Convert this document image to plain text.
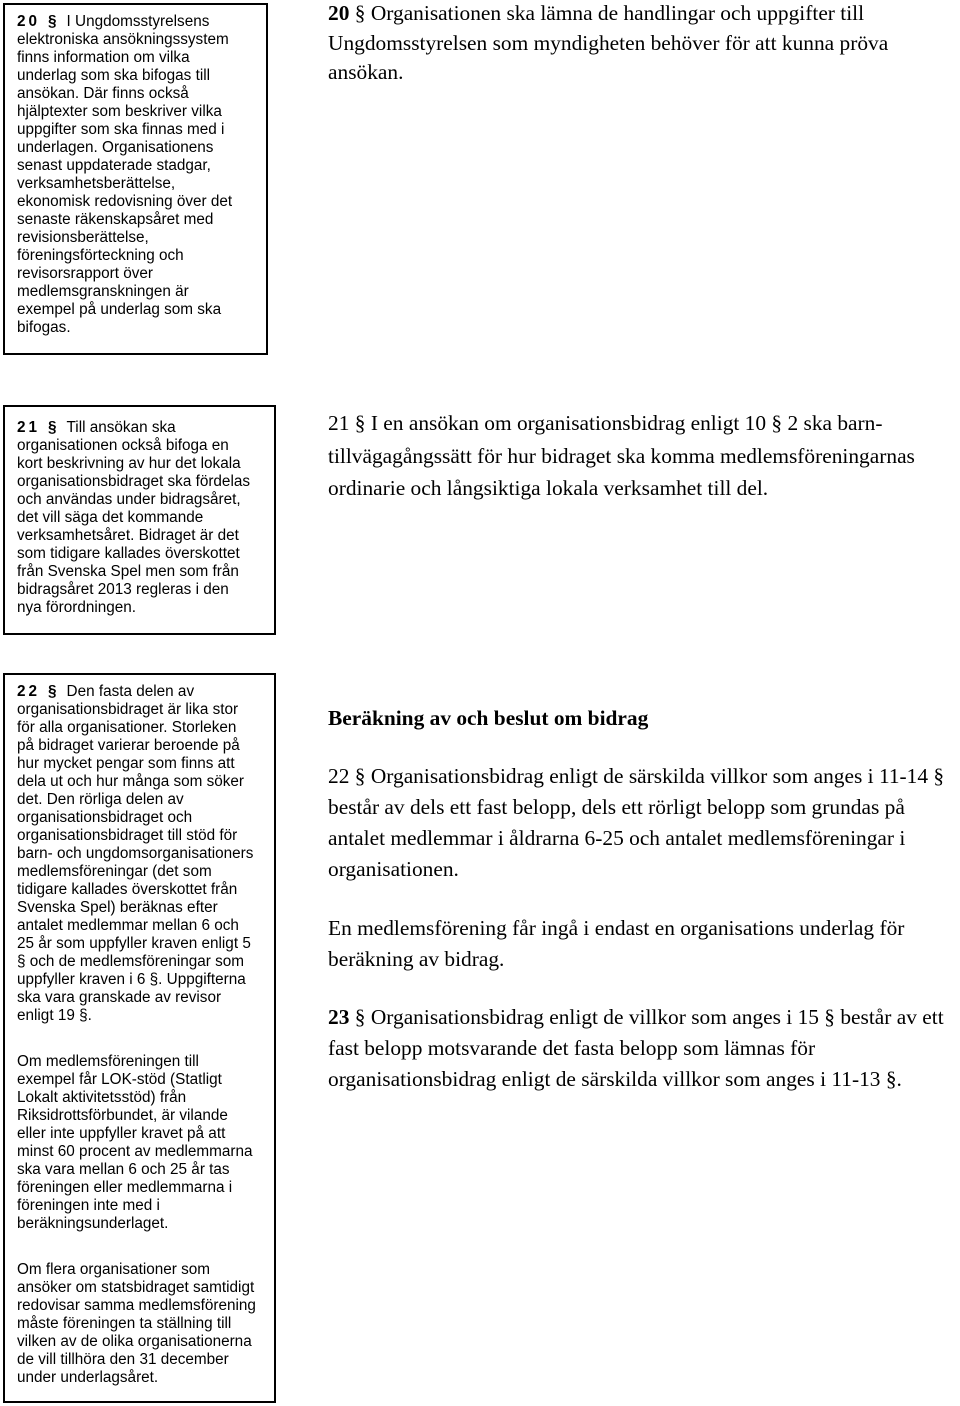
20 § I Ungdomsstyrelsens
elektroniska ansökningssystem
finns information om vilka
underlag som ska bifogas till
ansökan. Där finns också
hjälptexter som beskriver vilka
uppgifter som ska finnas med i
underlagen. Organisationens
senast uppdaterade stadgar,
verksamhetsberättelse,
ekonomisk redovisning över det
senaste räkenskapsåret med
revisionsberättelse,
föreningsförteckning och
revisorsrapport över
medlemsgranskningen är
exempel på underlag som ska
bifogas.
21 § Till ansökan ska
organisationen också bifoga en
kort beskrivning av hur det lokala
organisationsbidraget ska fördelas
och användas under bidragsåret,
det vill säga det kommande
verksamhetsåret. Bidraget är det
som tidigare kallades överskottet
från Svenska Spel men som från
bidragsåret 2013 regleras i den
nya förordningen.
22 § Den fasta delen av
organisationsbidraget är lika stor
för alla organisationer. Storleken
på bidraget varierar beroende på
hur mycket pengar som finns att
dela ut och hur många som söker
det. Den rörliga delen av
organisationsbidraget och
organisationsbidraget till stöd för
barn- och ungdomsorganisationers
medlemsföreningar (det som
tidigare kallades överskottet från
Svenska Spel) beräknas efter
antalet medlemmar mellan 6 och
25 år som uppfyller kraven enligt 5
§ och de medlemsföreningar som
uppfyller kraven i 6 §. Uppgifterna
ska vara granskade av revisor
enligt 19 §.
Om medlemsföreningen till
exempel får LOK-stöd (Statligt
Lokalt aktivitetsstöd) från
Riksidrottsförbundet, är vilande
eller inte uppfyller kravet på att
minst 60 procent av medlemmarna
ska vara mellan 6 och 25 år tas
föreningen eller medlemmarna i
föreningen inte med i
beräkningsunderlaget.
Om flera organisationer som
ansöker om statsbidraget samtidigt
redovisar samma medlemsförening
måste föreningen ta ställning till
vilken av de olika organisationerna
de vill tillhöra den 31 december
under underlagsåret.
20 § Organisationen ska lämna de handlingar och uppgifter till
Ungdomsstyrelsen som myndigheten behöver för att kunna pröva
ansökan.
21 § I en ansökan om organisationsbidrag enligt 10 § 2 ska barn-
tillvägagångssätt för hur bidraget ska komma medlemsföreningarnas
ordinarie och långsiktiga lokala verksamhet till del.
Beräkning av och beslut om bidrag
22 § Organisationsbidrag enligt de särskilda villkor som anges i 11-14 §
består av dels ett fast belopp, dels ett rörligt belopp som grundas på
antalet medlemmar i åldrarna 6-25 och antalet medlemsföreningar i
organisationen.
En medlemsförening får ingå i endast en organisations underlag för
beräkning av bidrag.
23 § Organisationsbidrag enligt de villkor som anges i 15 § består av ett
fast belopp motsvarande det fasta belopp som lämnas för
organisationsbidrag enligt de särskilda villkor som anges i 11-13 §.
